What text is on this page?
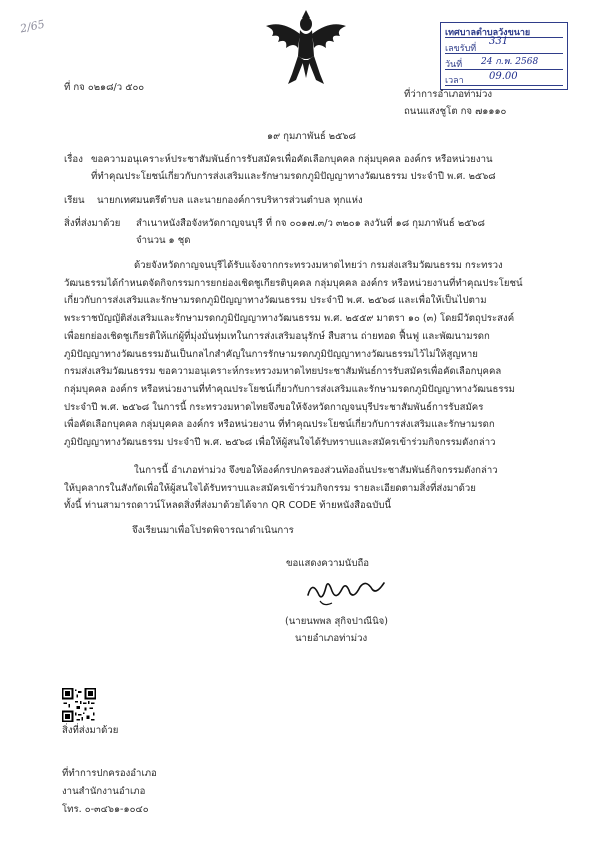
2/65	เทศบาลตำบลวังขนาย
เลขรับที่
331
วันที่	24 ก.พ. 2568
เวลา	09.00
ที่ กจ ๐๒๑๘/ว ๕๐๐
ที่ว่าการอำเภอท่าม่วง
ถนนแสงชูโต กจ ๗๑๑๑๐
๑๙ กุมภาพันธ์ ๒๕๖๘
เรื่อง ขอความอนุเคราะห์ประชาสัมพันธ์การรับสมัครเพื่อคัดเลือกบุคคล กลุ่มบุคคล องค์กร หรือหน่วยงาน
ที่ทำคุณประโยชน์เกี่ยวกับการส่งเสริมและรักษามรดกภูมิปัญญาทางวัฒนธรรม ประจำปี พ.ศ. ๒๕๖๘
เรียน นายกเทศมนตรีตำบล และนายกองค์การบริหารส่วนตำบล ทุกแห่ง
สิ่งที่ส่งมาด้วย สำเนาหนังสือจังหวัดกาญจนบุรี ที่ กจ ๐๐๑๗.๓/ว ๓๒๐๑ ลงวันที่ ๑๘ กุมภาพันธ์ ๒๕๖๘
จำนวน ๑ ชุด
ด้วยจังหวัดกาญจนบุรีได้รับแจ้งจากกระทรวงมหาดไทยว่า กรมส่งเสริมวัฒนธรรม กระทรวง
วัฒนธรรมได้กำหนดจัดกิจกรรมการยกย่องเชิดชูเกียรติบุคคล กลุ่มบุคคล องค์กร หรือหน่วยงานที่ทำคุณประโยชน์
เกี่ยวกับการส่งเสริมและรักษามรดกภูมิปัญญาทางวัฒนธรรม ประจำปี พ.ศ. ๒๕๖๘ และเพื่อให้เป็นไปตาม
พระราชบัญญัติส่งเสริมและรักษามรดกภูมิปัญญาทางวัฒนธรรม พ.ศ. ๒๕๕๙ มาตรา ๑๐ (๓) โดยมีวัตถุประสงค์
เพื่อยกย่องเชิดชูเกียรติให้แก่ผู้ที่มุ่งมั่นทุ่มเทในการส่งเสริมอนุรักษ์ สืบสาน ถ่ายทอด ฟื้นฟู และพัฒนามรดก
ภูมิปัญญาทางวัฒนธรรมอันเป็นกลไกสำคัญในการรักษามรดกภูมิปัญญาทางวัฒนธรรมไว้ไม่ให้สูญหาย
กรมส่งเสริมวัฒนธรรม ขอความอนุเคราะห์กระทรวงมหาดไทยประชาสัมพันธ์การรับสมัครเพื่อคัดเลือกบุคคล
กลุ่มบุคคล องค์กร หรือหน่วยงานที่ทำคุณประโยชน์เกี่ยวกับการส่งเสริมและรักษามรดกภูมิปัญญาทางวัฒนธรรม
ประจำปี พ.ศ. ๒๕๖๘ ในการนี้ กระทรวงมหาดไทยจึงขอให้จังหวัดกาญจนบุรีประชาสัมพันธ์การรับสมัคร
เพื่อคัดเลือกบุคคล กลุ่มบุคคล องค์กร หรือหน่วยงาน ที่ทำคุณประโยชน์เกี่ยวกับการส่งเสริมและรักษามรดก
ภูมิปัญญาทางวัฒนธรรม ประจำปี พ.ศ. ๒๕๖๘ เพื่อให้ผู้สนใจได้รับทราบและสมัครเข้าร่วมกิจกรรมดังกล่าว
ในการนี้ อำเภอท่าม่วง จึงขอให้องค์กรปกครองส่วนท้องถิ่นประชาสัมพันธ์กิจกรรมดังกล่าว
ให้บุคลากรในสังกัดเพื่อให้ผู้สนใจได้รับทราบและสมัครเข้าร่วมกิจกรรม รายละเอียดตามสิ่งที่ส่งมาด้วย
ทั้งนี้ ท่านสามารถดาวน์โหลดสิ่งที่ส่งมาด้วยได้จาก QR CODE ท้ายหนังสือฉบับนี้
จึงเรียนมาเพื่อโปรดพิจารณาดำเนินการ
ขอแสดงความนับถือ
(นายนพพล สุกิจปาณีนิจ)
นายอำเภอท่าม่วง
สิ่งที่ส่งมาด้วย
ที่ทำการปกครองอำเภอ
งานสำนักงานอำเภอ
โทร. ๐-๓๔๖๑-๑๐๔๐
